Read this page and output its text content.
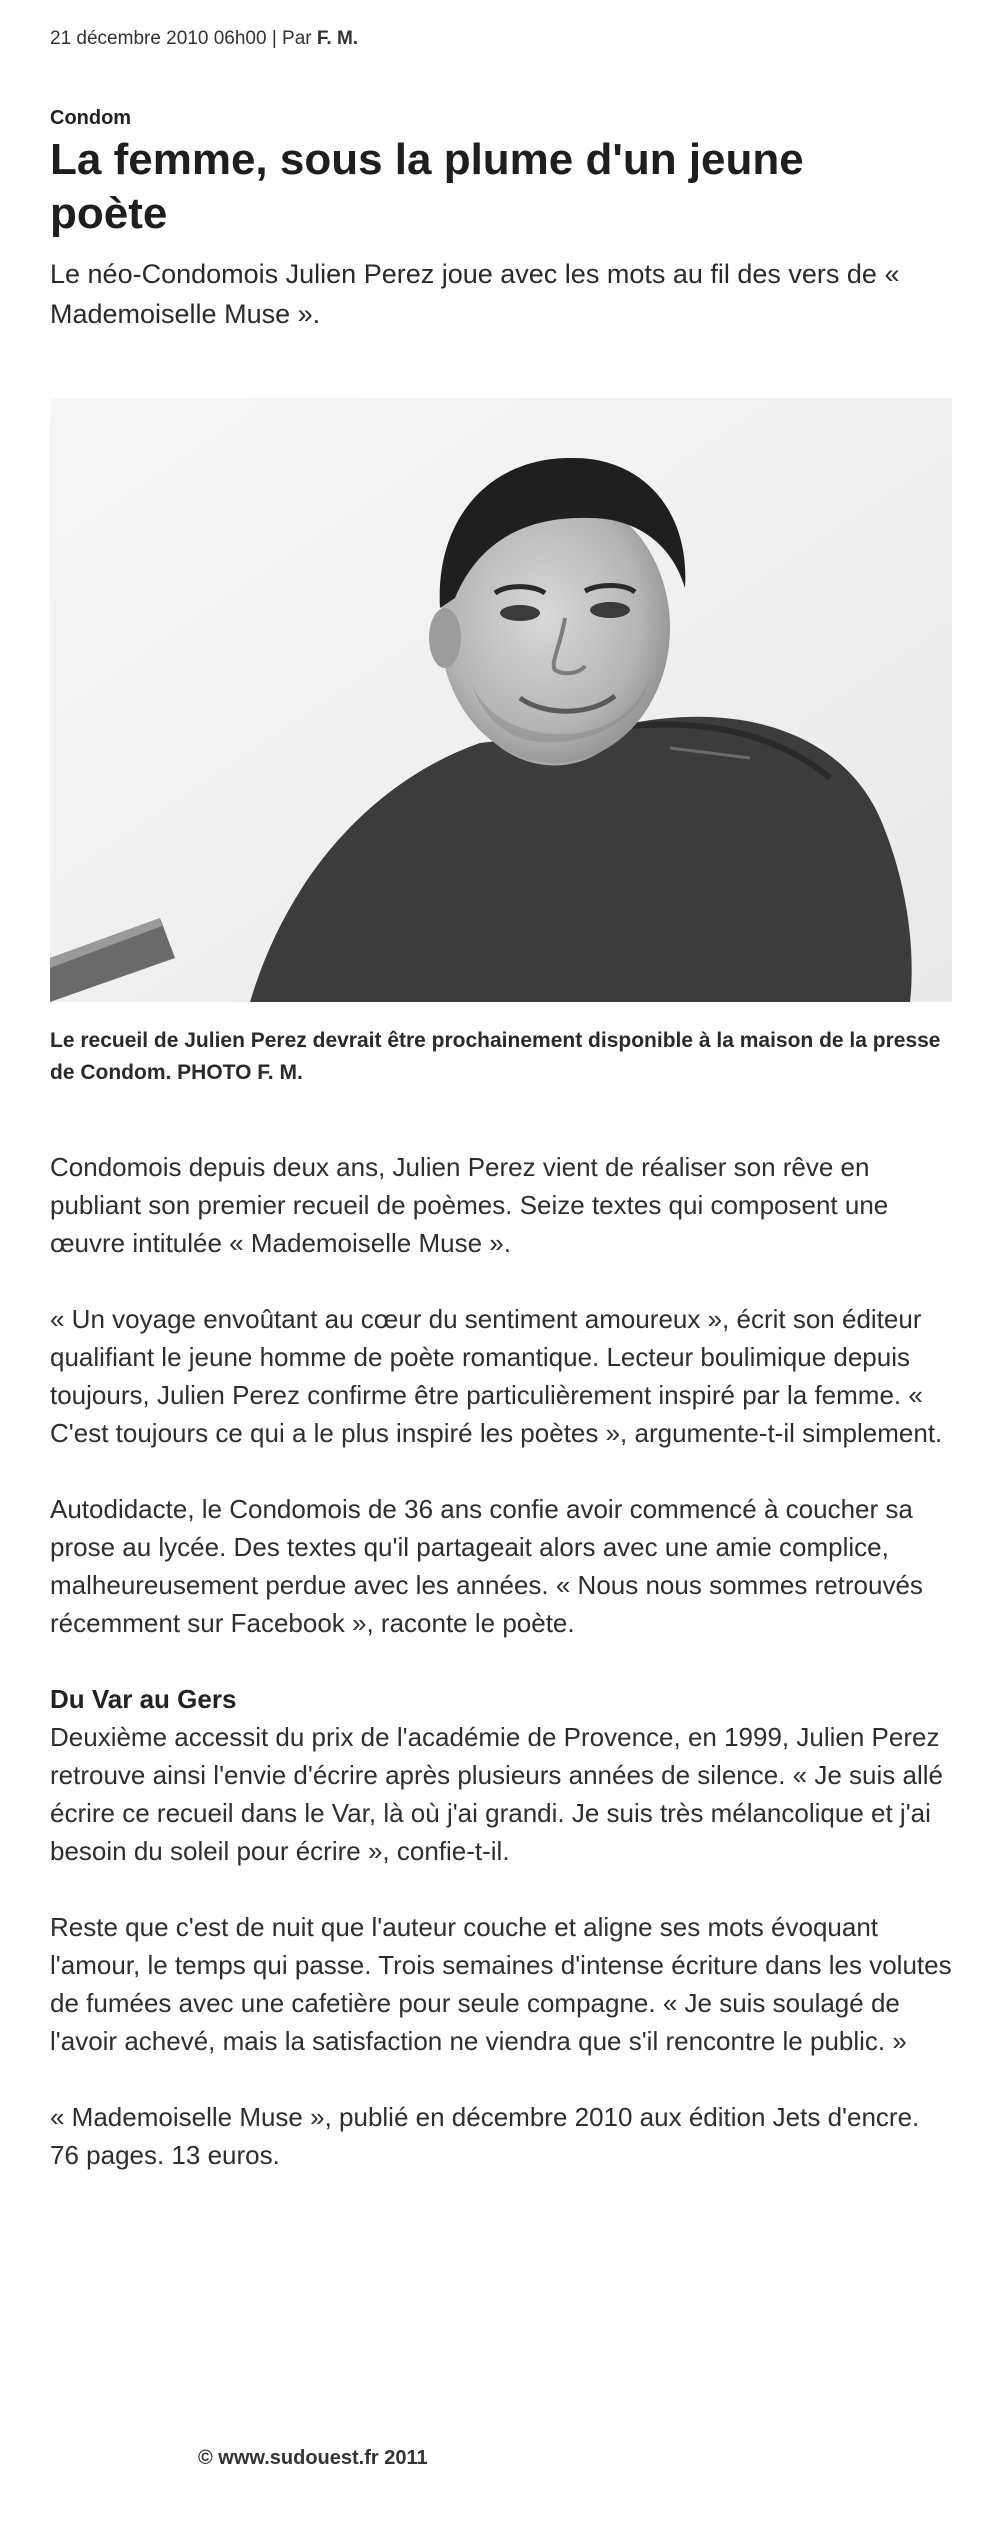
21 décembre 2010 06h00 | Par F. M.
Condom
La femme, sous la plume d'un jeune poète

Le néo-Condomois Julien Perez joue avec les mots au fil des vers de « Mademoiselle Muse ».

Le recueil de Julien Perez devrait être prochainement disponible à la maison de la presse de Condom. PHOTO F. M.

Condomois depuis deux ans, Julien Perez vient de réaliser son rêve en publiant son premier recueil de poèmes. Seize textes qui composent une œuvre intitulée « Mademoiselle Muse ».

« Un voyage envoûtant au cœur du sentiment amoureux », écrit son éditeur qualifiant le jeune homme de poète romantique. Lecteur boulimique depuis toujours, Julien Perez confirme être particulièrement inspiré par la femme. « C'est toujours ce qui a le plus inspiré les poètes », argumente-t-il simplement.

Autodidacte, le Condomois de 36 ans confie avoir commencé à coucher sa prose au lycée. Des textes qu'il partageait alors avec une amie complice, malheureusement perdue avec les années. « Nous nous sommes retrouvés récemment sur Facebook », raconte le poète.

Du Var au Gers

Deuxième accessit du prix de l'académie de Provence, en 1999, Julien Perez retrouve ainsi l'envie d'écrire après plusieurs années de silence. « Je suis allé écrire ce recueil dans le Var, là où j'ai grandi. Je suis très mélancolique et j'ai besoin du soleil pour écrire », confie-t-il.

Reste que c'est de nuit que l'auteur couche et aligne ses mots évoquant l'amour, le temps qui passe. Trois semaines d'intense écriture dans les volutes de fumées avec une cafetière pour seule compagne. « Je suis soulagé de l'avoir achevé, mais la satisfaction ne viendra que s'il rencontre le public. »

« Mademoiselle Muse », publié en décembre 2010 aux édition Jets d'encre. 76 pages. 13 euros.

© www.sudouest.fr 2011
